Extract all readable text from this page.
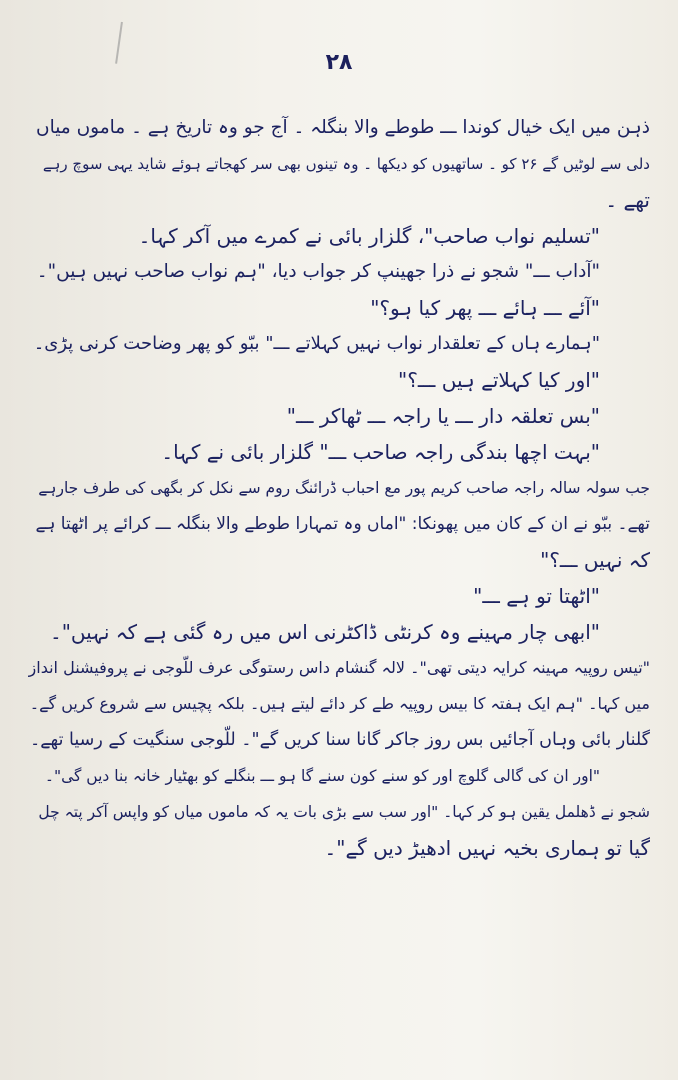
۲۸
ذہن میں ایک خیال کوندا ـــ طوطے والا بنگلہ ۔ آج جو وہ تاریخ ہے ۔ ماموں میاں
دلی سے لوٹیں گے ۲۶ کو ۔ ساتھیوں کو دیکھا ۔ وہ تینوں بھی سر کھجاتے ہوئے شاید یہی سوچ رہے
تھے ۔
"تسلیم نواب صاحب"، گلزار بائی نے کمرے میں آکر کہا۔
"آداب ـــ" شجو نے ذرا جھینپ کر جواب دیا، "ہم نواب صاحب نہیں ہیں"۔
"آئے ـــ ہائے ـــ پھر کیا ہو؟"
"ہمارے ہاں کے تعلقدار نواب نہیں کہلاتے ـــ" ببّو کو پھر وضاحت کرنی پڑی۔
"اور کیا کہلاتے ہیں ـــ؟"
"بس تعلقہ دار ـــ یا راجہ ـــ ٹھاکر ـــ"
"بہت اچھا بندگی راجہ صاحب ـــ" گلزار بائی نے کہا۔
جب سولہ سالہ راجہ صاحب کریم پور مع احباب ڈرائنگ روم سے نکل کر بگھی کی طرف جارہے
تھے۔ ببّو نے ان کے کان میں پھونکا: "اماں وہ تمہارا طوطے والا بنگلہ ـــ کرائے پر اٹھتا ہے
کہ نہیں ـــ؟"
"اٹھتا تو ہے ـــ"
"ابھی چار مہینے وہ کرنٹی ڈاکٹرنی اس میں رہ گئی ہے کہ نہیں"۔
"تیس روپیہ مہینہ کرایہ دیتی تھی"۔ لالہ گنشام داس رستوگی عرف للّوجی نے پروفیشنل انداز
میں کہا۔ "ہم ایک ہفتہ کا بیس روپیہ طے کر دائے لیتے ہیں۔ بلکہ پچیس سے شروع کریں گے۔
گلنار بائی وہاں آجائیں بس روز جاکر گانا سنا کریں گے"۔ للّوجی سنگیت کے رسیا تھے۔
"اور ان کی گالی گلوچ اور کو سنے کون سنے گا ہو ـــ بنگلے کو بھٹیار خانہ بنا دیں گی"۔
شجو نے ڈھلمل یقین ہو کر کہا۔ "اور سب سے بڑی بات یہ کہ ماموں میاں کو واپس آکر پتہ چل
گیا تو ہماری بخیہ نہیں ادھیڑ دیں گے"۔
